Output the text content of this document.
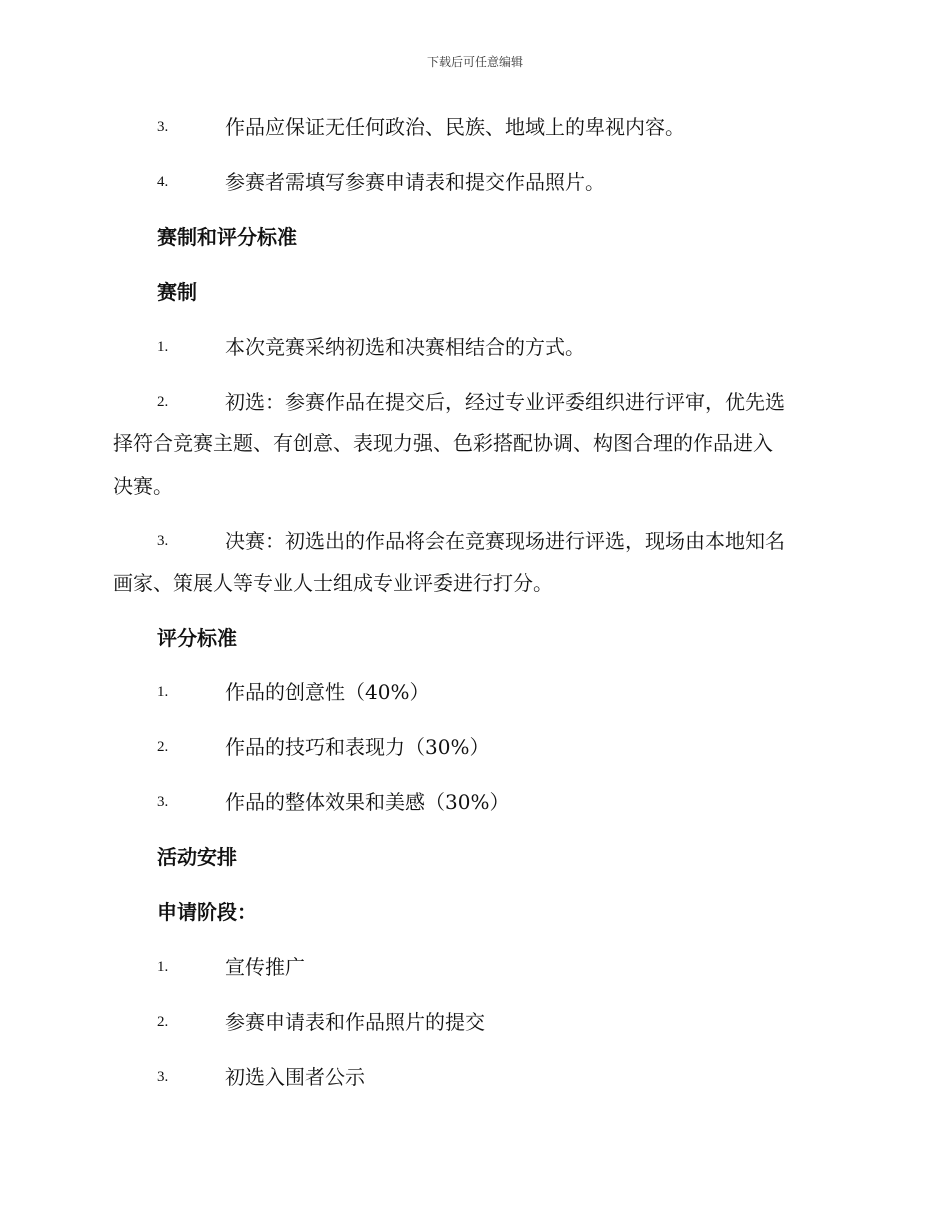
下载后可任意编辑
3.	作品应保证无任何政治、民族、地域上的卑视内容。
4.	参赛者需填写参赛申请表和提交作品照片。
赛制和评分标准
赛制
1.	本次竞赛采纳初选和决赛相结合的方式。
2.	初选：参赛作品在提交后，经过专业评委组织进行评审，优先选
择符合竞赛主题、有创意、表现力强、色彩搭配协调、构图合理的作品进入
决赛。
3.	决赛：初选出的作品将会在竞赛现场进行评选，现场由本地知名
画家、策展人等专业人士组成专业评委进行打分。
评分标准
1.	作品的创意性（40%）
2.	作品的技巧和表现力（30%）
3.	作品的整体效果和美感（30%）
活动安排
申请阶段：
1.	宣传推广
2.	参赛申请表和作品照片的提交
3.	初选入围者公示
